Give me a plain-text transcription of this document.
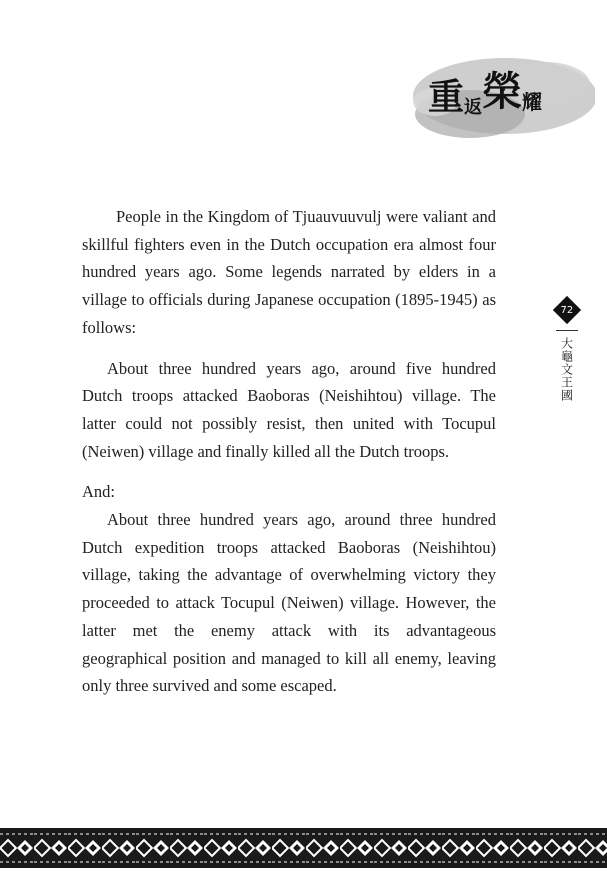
重返榮耀

People in the Kingdom of Tjuauvuuvulj were valiant and skillful fighters even in the Dutch occupation era almost four hundred years ago. Some legends narrated by elders in a village to officials during Japanese occupation (1895-1945) as follows:

About three hundred years ago, around five hundred Dutch troops attacked Baoboras (Neishihtou) village. The latter could not possibly resist, then united with Tocupul (Neiwen) village and finally killed all the Dutch troops.

And:

About three hundred years ago, around three hundred Dutch expedition troops attacked Baoboras (Neishihtou) village, taking the advantage of overwhelming victory they proceeded to attack Tocupul (Neiwen) village. However, the latter met the enemy attack with its advantageous geographical position and managed to kill all enemy, leaving only three survived and some escaped.

72
大龜文王國
